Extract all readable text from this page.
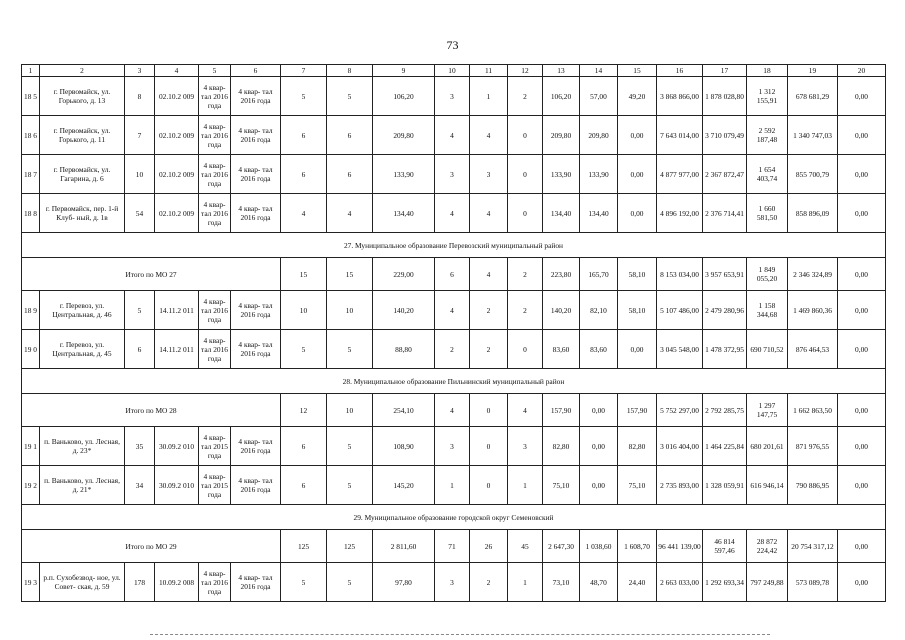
73
1	2	3	4	5	6	7	8	9	10	11	12	13	14	15	16	17	18	19	20
18 5	г. Первомайск, ул. Горького, д. 13	8	02.10.2 009	4 квар- тал 2016 года	4 квар- тал 2016 года	5	5	106,20	3	1	2	106,20	57,00	49,20	3 868 866,00	1 878 028,80	1 312 155,91	678 681,29	0,00
18 6	г. Первомайск, ул. Горького, д. 11	7	02.10.2 009	4 квар- тал 2016 года	4 квар- тал 2016 года	6	6	209,80	4	4	0	209,80	209,80	0,00	7 643 014,00	3 710 079,49	2 592 187,48	1 340 747,03	0,00
18 7	г. Первомайск, ул. Гагарина, д. 6	10	02.10.2 009	4 квар- тал 2016 года	4 квар- тал 2016 года	6	6	133,90	3	3	0	133,90	133,90	0,00	4 877 977,00	2 367 872,47	1 654 403,74	855 700,79	0,00
18 8	г. Первомайск, пер. 1-й Клуб- ный, д. 1в	54	02.10.2 009	4 квар- тал 2016 года	4 квар- тал 2016 года	4	4	134,40	4	4	0	134,40	134,40	0,00	4 896 192,00	2 376 714,41	1 660 581,50	858 896,09	0,00
27. Муниципальное образование Перевозский муниципальный район																			
Итого по МО 27						15	15	229,00	6	4	2	223,80	165,70	58,10	8 153 034,00	3 957 653,91	1 849 055,20	2 346 324,89	0,00
18 9	г. Перевоз, ул. Центральная, д. 46	5	14.11.2 011	4 квар- тал 2016 года	4 квар- тал 2016 года	10	10	140,20	4	2	2	140,20	82,10	58,10	5 107 486,00	2 479 280,96	1 158 344,68	1 469 860,36	0,00
19 0	г. Перевоз, ул. Центральная, д. 45	6	14.11.2 011	4 квар- тал 2016 года	4 квар- тал 2016 года	5	5	88,80	2	2	0	83,60	83,60	0,00	3 045 548,00	1 478 372,95	690 710,52	876 464,53	0,00
28. Муниципальное образование Пильнинский муниципальный район																			
Итого по МО 28						12	10	254,10	4	0	4	157,90	0,00	157,90	5 752 297,00	2 792 285,75	1 297 147,75	1 662 863,50	0,00
19 1	п. Ваньково, ул. Лесная, д. 23*	35	30.09.2 010	4 квар- тал 2015 года	4 квар- тал 2016 года	6	5	108,90	3	0	3	82,80	0,00	82,80	3 016 404,00	1 464 225,84	680 201,61	871 976,55	0,00
19 2	п. Ваньково, ул. Лесная, д. 21*	34	30.09.2 010	4 квар- тал 2015 года	4 квар- тал 2016 года	6	5	145,20	1	0	1	75,10	0,00	75,10	2 735 893,00	1 328 059,91	616 946,14	790 886,95	0,00
29. Муниципальное образование городской округ Семеновский																			
Итого по МО 29						125	125	2 811,60	71	26	45	2 647,30	1 038,60	1 608,70	96 441 139,00	46 814 597,46	28 872 224,42	20 754 317,12	0,00
19 3	р.п. Сухобезвод- ное, ул. Совет- ская, д. 59	178	10.09.2 008	4 квар- тал 2016 года	4 квар- тал 2016 года	5	5	97,80	3	2	1	73,10	48,70	24,40	2 663 033,00	1 292 693,34	797 249,88	573 089,78	0,00
